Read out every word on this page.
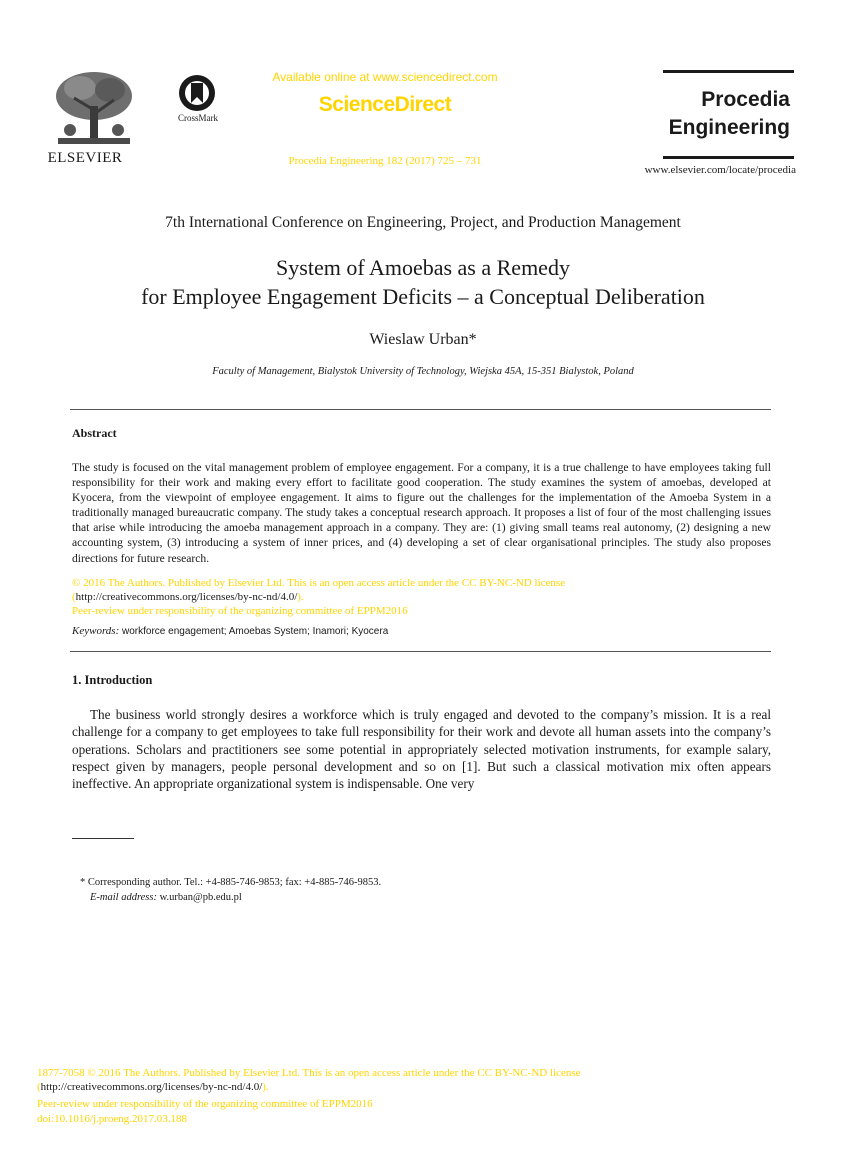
ELSEVIER
CrossMark
Available online at www.sciencedirect.com
ScienceDirect
Procedia Engineering 182 (2017) 725 – 731
Procedia
Engineering
www.elsevier.com/locate/procedia
7th International Conference on Engineering, Project, and Production Management
System of Amoebas as a Remedy
for Employee Engagement Deficits – a Conceptual Deliberation
Wieslaw Urban*
Faculty of Management, Bialystok University of Technology, Wiejska 45A, 15-351 Bialystok, Poland
Abstract
The study is focused on the vital management problem of employee engagement. For a company, it is a true challenge to have employees taking full responsibility for their work and making every effort to facilitate good cooperation. The study examines the system of amoebas, developed at Kyocera, from the viewpoint of employee engagement. It aims to figure out the challenges for the implementation of the Amoeba System in a traditionally managed bureaucratic company. The study takes a conceptual research approach. It proposes a list of four of the most challenging issues that arise while introducing the amoeba management approach in a company. They are: (1) giving small teams real autonomy, (2) designing a new accounting system, (3) introducing a system of inner prices, and (4) developing a set of clear organisational principles. The study also proposes directions for future research.
© 2016 The Authors. Published by Elsevier Ltd. This is an open access article under the CC BY-NC-ND license
(http://creativecommons.org/licenses/by-nc-nd/4.0/).
Peer-review under responsibility of the organizing committee of EPPM2016
Keywords: workforce engagement; Amoebas System; Inamori; Kyocera
1. Introduction
The business world strongly desires a workforce which is truly engaged and devoted to the company’s mission. It is a real challenge for a company to get employees to take full responsibility for their work and devote all human assets into the company’s operations. Scholars and practitioners see some potential in appropriately selected motivation instruments, for example salary, respect given by managers, people personal development and so on [1]. But such a classical motivation mix often appears ineffective. An appropriate organizational system is indispensable. One very
* Corresponding author. Tel.: +4-885-746-9853; fax: +4-885-746-9853.
E-mail address: w.urban@pb.edu.pl
1877-7058 © 2016 The Authors. Published by Elsevier Ltd. This is an open access article under the CC BY-NC-ND license
(http://creativecommons.org/licenses/by-nc-nd/4.0/).
Peer-review under responsibility of the organizing committee of EPPM2016
doi:10.1016/j.proeng.2017.03.188
